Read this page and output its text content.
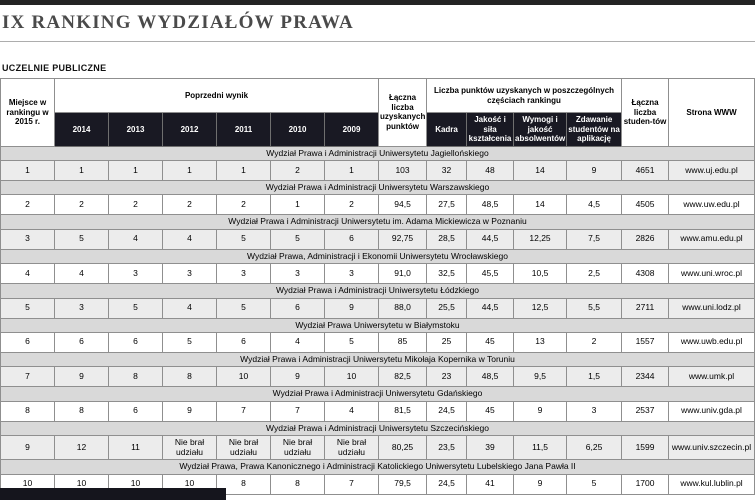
IX RANKING WYDZIAŁÓW PRAWA
UCZELNIE PUBLICZNE
Miejsce w rankingu w 2015 r.	Poprzedni wynik						Łączna liczba uzyskanych punktów	Liczba punktów uzyskanych w poszczególnych częściach rankingu				Łączna liczba studen-tów	Strona WWW
	2014	2013	2012	2011	2010	2009		Kadra	Jakość i siła kształcenia	Wymogi i jakość absolwentów	Zdawanie studentów na aplikację		
Wydział Prawa i Administracji Uniwersytetu Jagiellońskiego													
1	1	1	1	1	2	1	103	32	48	14	9	4651	www.uj.edu.pl
Wydział Prawa i Administracji Uniwersytetu Warszawskiego													
2	2	2	2	2	1	2	94,5	27,5	48,5	14	4,5	4505	www.uw.edu.pl
Wydział Prawa i Administracji Uniwersytetu im. Adama Mickiewicza w Poznaniu													
3	5	4	4	5	5	6	92,75	28,5	44,5	12,25	7,5	2826	www.amu.edu.pl
Wydział Prawa, Administracji i Ekonomii Uniwersytetu Wrocławskiego													
4	4	3	3	3	3	3	91,0	32,5	45,5	10,5	2,5	4308	www.uni.wroc.pl
Wydział Prawa i Administracji Uniwersytetu Łódzkiego													
5	3	5	4	5	6	9	88,0	25,5	44,5	12,5	5,5	2711	www.uni.lodz.pl
Wydział Prawa Uniwersytetu w Białymstoku													
6	6	6	5	6	4	5	85	25	45	13	2	1557	www.uwb.edu.pl
Wydział Prawa i Administracji Uniwersytetu Mikołaja Kopernika w Toruniu													
7	9	8	8	10	9	10	82,5	23	48,5	9,5	1,5	2344	www.umk.pl
Wydział Prawa i Administracji Uniwersytetu Gdańskiego													
8	8	6	9	7	7	4	81,5	24,5	45	9	3	2537	www.univ.gda.pl
Wydział Prawa i Administracji Uniwersytetu Szczecińskiego													
9	12	11	Nie brał udziału	Nie brał udziału	Nie brał udziału	Nie brał udziału	80,25	23,5	39	11,5	6,25	1599	www.univ.szczecin.pl
Wydział Prawa, Prawa Kanonicznego i Administracji Katolickiego Uniwersytetu Lubelskiego Jana Pawła II													
10	10	10	10	8	8	7	79,5	24,5	41	9	5	1700	www.kul.lublin.pl
